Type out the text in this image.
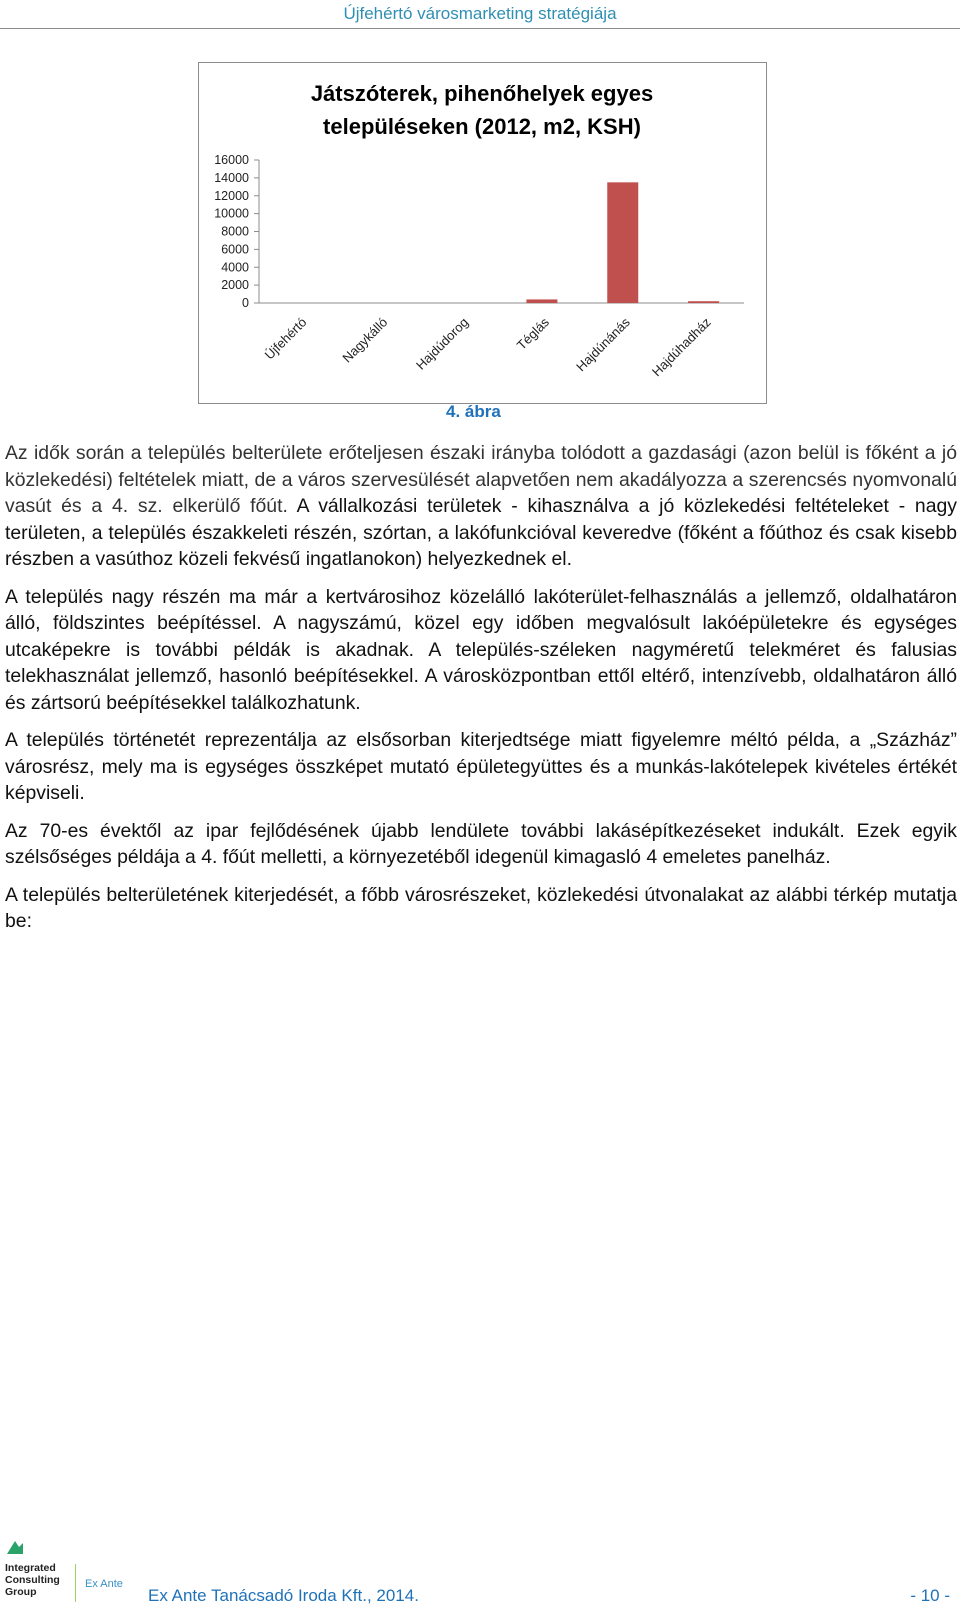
Újfehértó városmarketing stratégiája
Játszóterek, pihenőhelyek egyes
településeken (2012, m2, KSH)
0
2000
4000
6000
8000
10000
12000
14000
16000
Újfehértó Nagykálló Hajdúdorog	Téglás Hajdúnánás Hajdúhadház
4. ábra

Az idők során a település belterülete erőteljesen északi irányba tolódott a gazdasági (azon belül is főként a jó közlekedési) feltételek miatt, de a város szervesülését alapvetően nem akadályozza a szerencsés nyomvonalú vasút és a 4. sz. elkerülő főút. A vállalkozási területek - kihasználva a jó közlekedési feltételeket - nagy területen, a település északkeleti részén, szórtan, a lakófunkcióval keveredve (főként a főúthoz és csak kisebb részben a vasúthoz közeli fekvésű ingatlanokon) helyezkednek el.

A település nagy részén ma már a kertvárosihoz közelálló lakóterület-felhasználás a jellemző, oldalhatáron álló, földszintes beépítéssel. A nagyszámú, közel egy időben megvalósult lakóépületekre és egységes utcaképekre is további példák is akadnak. A település-széleken nagyméretű telekméret és falusias telekhasználat jellemző, hasonló beépítésekkel. A városközpontban ettől eltérő, intenzívebb, oldalhatáron álló és zártsorú beépítésekkel találkozhatunk.

A település történetét reprezentálja az elsősorban kiterjedtsége miatt figyelemre méltó példa, a „Százház” városrész, mely ma is egységes összképet mutató épületegyüttes és a munkás-lakótelepek kivételes értékét képviseli.

Az 70-es évektől az ipar fejlődésének újabb lendülete további lakásépítkezéseket indukált. Ezek egyik szélsőséges példája a 4. főút melletti, a környezetéből idegenül kimagasló 4 emeletes panelház.

A település belterületének kiterjedését, a főbb városrészeket, közlekedési útvonalakat az alábbi térkép mutatja be:

Integrated
Consulting
Group
Ex Ante
Ex Ante Tanácsadó Iroda Kft., 2014.	- 10 -
